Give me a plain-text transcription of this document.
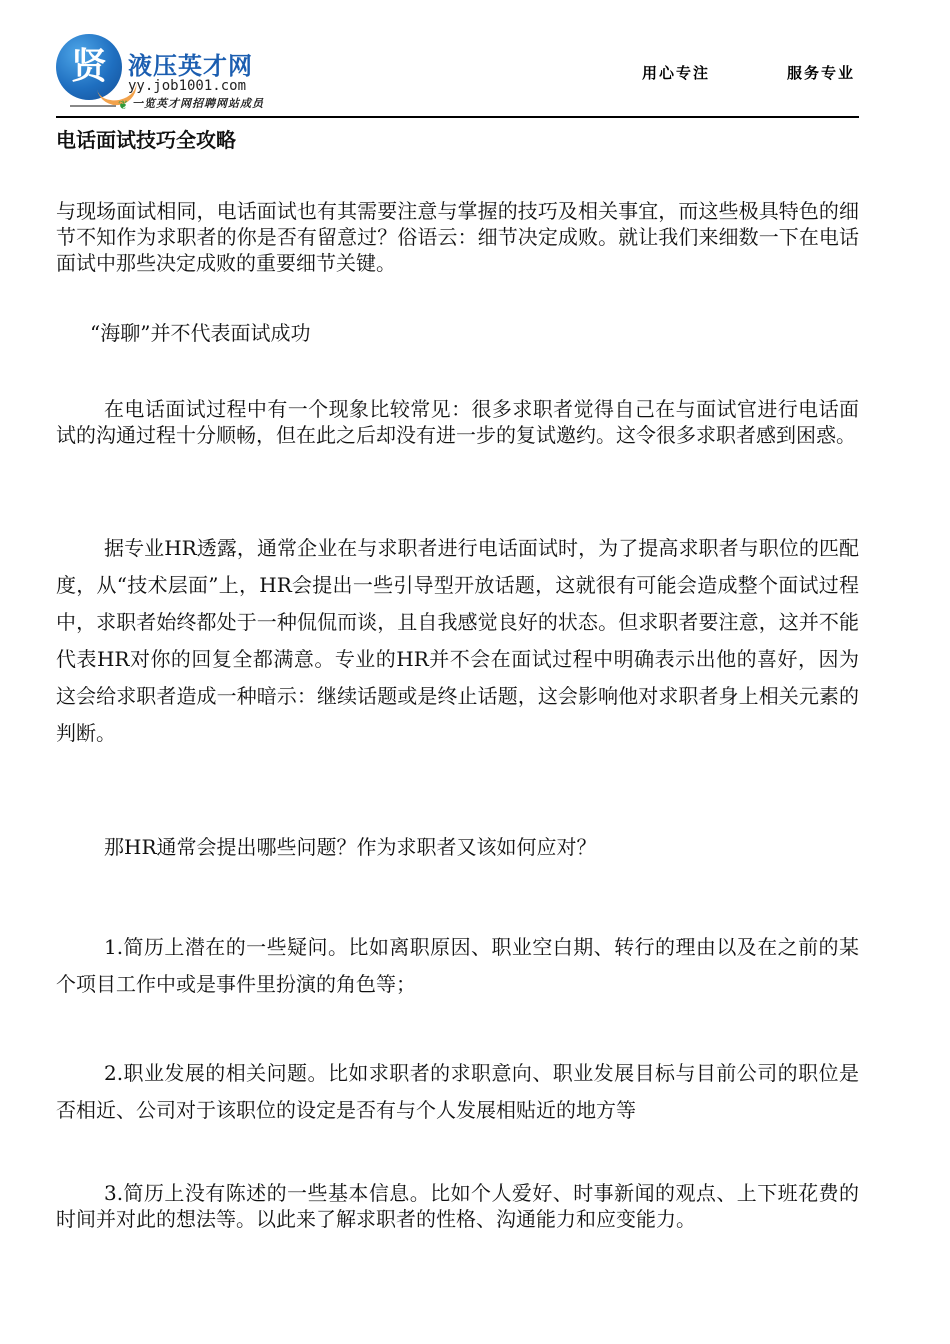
贤 液压英才网
yy.job1001.com
❦ 一览英才网招聘网站成员
用心专注	服务专业
电话面试技巧全攻略

与现场面试相同，电话面试也有其需要注意与掌握的技巧及相关事宜，而这些极具特色的细节不知作为求职者的你是否有留意过？俗语云：细节决定成败。就让我们来细数一下在电话面试中那些决定成败的重要细节关键。

“海聊”并不代表面试成功

在电话面试过程中有一个现象比较常见：很多求职者觉得自己在与面试官进行电话面试的沟通过程十分顺畅，但在此之后却没有进一步的复试邀约。这令很多求职者感到困惑。

据专业HR透露，通常企业在与求职者进行电话面试时，为了提高求职者与职位的匹配度，从“技术层面”上，HR会提出一些引导型开放话题，这就很有可能会造成整个面试过程中，求职者始终都处于一种侃侃而谈，且自我感觉良好的状态。但求职者要注意，这并不能代表HR对你的回复全都满意。专业的HR并不会在面试过程中明确表示出他的喜好，因为这会给求职者造成一种暗示：继续话题或是终止话题，这会影响他对求职者身上相关元素的判断。

那HR通常会提出哪些问题？作为求职者又该如何应对？

1.简历上潜在的一些疑问。比如离职原因、职业空白期、转行的理由以及在之前的某个项目工作中或是事件里扮演的角色等；

2.职业发展的相关问题。比如求职者的求职意向、职业发展目标与目前公司的职位是否相近、公司对于该职位的设定是否有与个人发展相贴近的地方等

3.简历上没有陈述的一些基本信息。比如个人爱好、时事新闻的观点、上下班花费的时间并对此的想法等。以此来了解求职者的性格、沟通能力和应变能力。
